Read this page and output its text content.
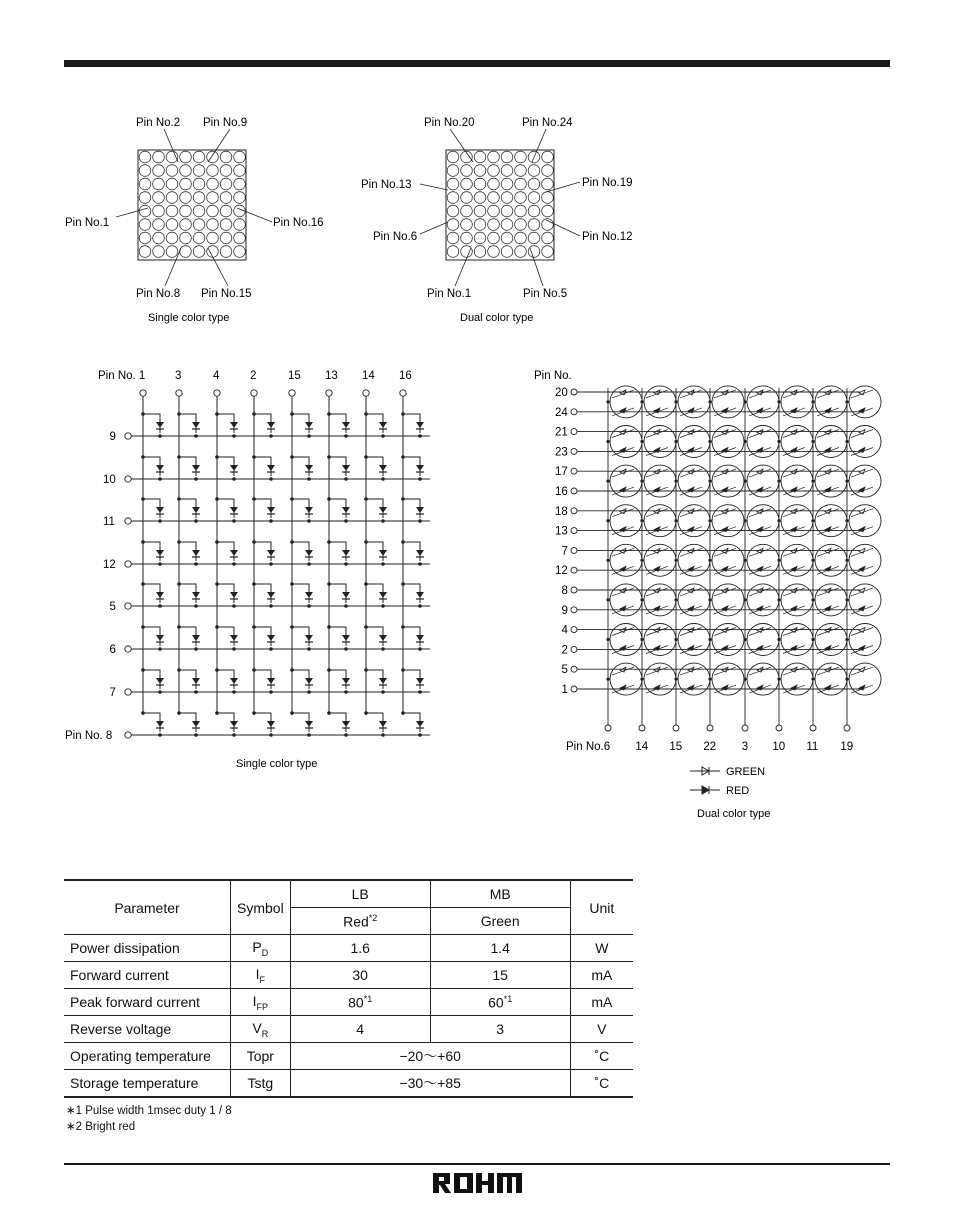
Pin No.2 Pin No.9
Pin No.1	Pin No.16
Pin No.8 Pin No.15
Single color type
Pin No.20	Pin No.24
Pin No.13	Pin No.19
Pin No.6	Pin No.12
Pin No.1	Pin No.5
Dual color type
Pin No. 1	3	4	2	15 13 14 16
9
10
11
12
5
6
7
Pin No. 8
Single color type
Pin No.
20
24
21
23
17
16
18
13
7
12
8
9
4
2
5
1
Pin No.6 14 15 22 3 10 11 19
GREEN
RED
Dual color type
Parameter	Symbol	LB	MB	Unit
		Red$^{*2}$	Green	
Power dissipation	$P_D$	1.6	1.4	W
Forward current	$I_F$	30	15	mA
Peak forward current	$I_{FP}$	80$^{*1}$	60$^{*1}$	mA
Reverse voltage	$V_R$	4	3	V
Operating temperature	Topr	−20〜+60		˚C
Storage temperature	Tstg	−30〜+85		˚C
∗1 Pulse width 1msec duty 1 / 8
∗2 Bright red
